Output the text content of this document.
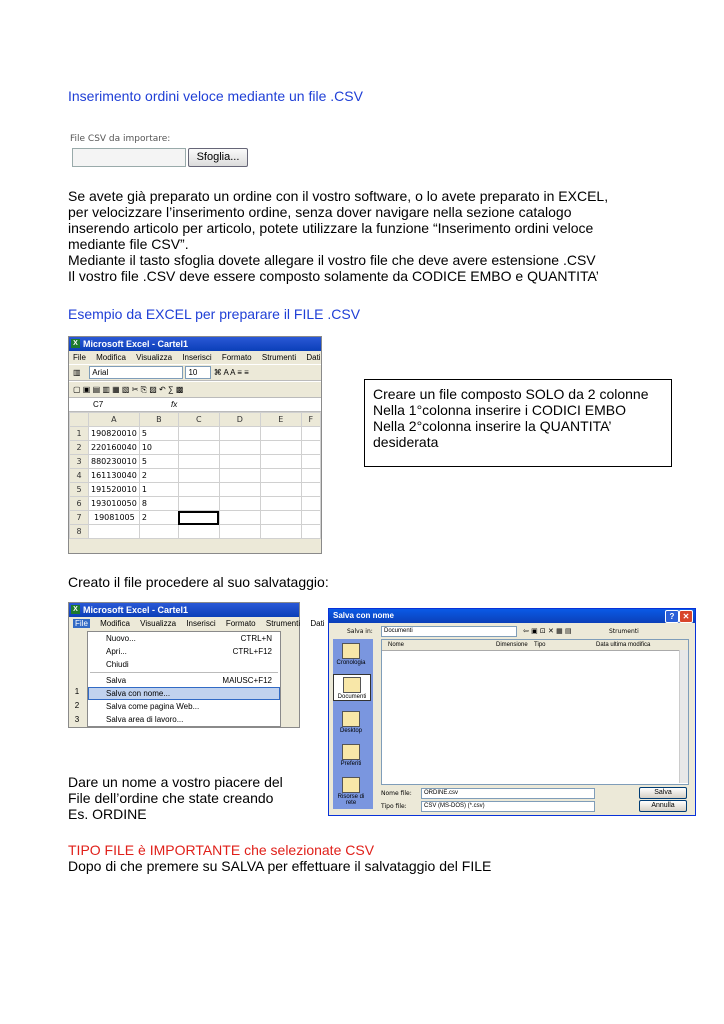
Inserimento ordini veloce mediante un file .CSV
File CSV da importare:
Sfoglia...
Se avete già preparato un ordine con il vostro software, o lo avete preparato in EXCEL,
per velocizzare l’inserimento ordine, senza dover navigare nella sezione catalogo
inserendo articolo per articolo, potete utilizzare la funzione “Inserimento ordini veloce
mediante file CSV”.
Mediante il tasto sfoglia dovete allegare il vostro file che deve avere estensione .CSV
Il vostro file .CSV deve essere composto solamente da CODICE EMBO e QUANTITA’
Esempio da EXCEL per preparare il FILE .CSV
X Microsoft Excel - Cartel1
File Modifica Visualizza Inserisci Formato Strumenti Dati
▥ Arial	10 ⌘ A A ≡ ≡
▢ ▣ ▤ ▥ ▦ ▧ ✂ ⎘ ▨ ↶ ∑ ▩
C7	fx
	A	B	C	D	E	F
1	190820010	5				
2	220160040	10				
3	880230010	5				
4	161130040	2				
5	191520010	1				
6	193010050	8				
7	19081005	2				
8						
Creare un file composto SOLO da 2 colonne
Nella 1°colonna inserire i CODICI EMBO
Nella 2°colonna inserire la QUANTITA’
desiderata
Creato il file procedere al suo salvataggio:
X Microsoft Excel - Cartel1
File Modifica Visualizza Inserisci Formato Strumenti Dati
1
2
3
Nuovo...	CTRL+N
Apri...	CTRL+F12
Chiudi
Salva	MAIUSC+F12
Salva con nome...
Salva come pagina Web...
Salva area di lavoro...
Salva con nome	?	✕
Salva in:	Documenti	⇦ ▣ ⊡ ✕ ▦ ▤	Strumenti
Cronologia
Documenti
Desktop
Preferiti
Risorse di rete
Nome	Dimensione Tipo	Data ultima modifica
Nome file:	ORDINE.csv
Tipo file:	CSV (MS-DOS) (*.csv)
Salva
Annulla
Dare un nome a vostro piacere del
File dell’ordine che state creando
Es. ORDINE
TIPO FILE è IMPORTANTE che selezionate CSV
Dopo di che premere su SALVA per effettuare il salvataggio del FILE
